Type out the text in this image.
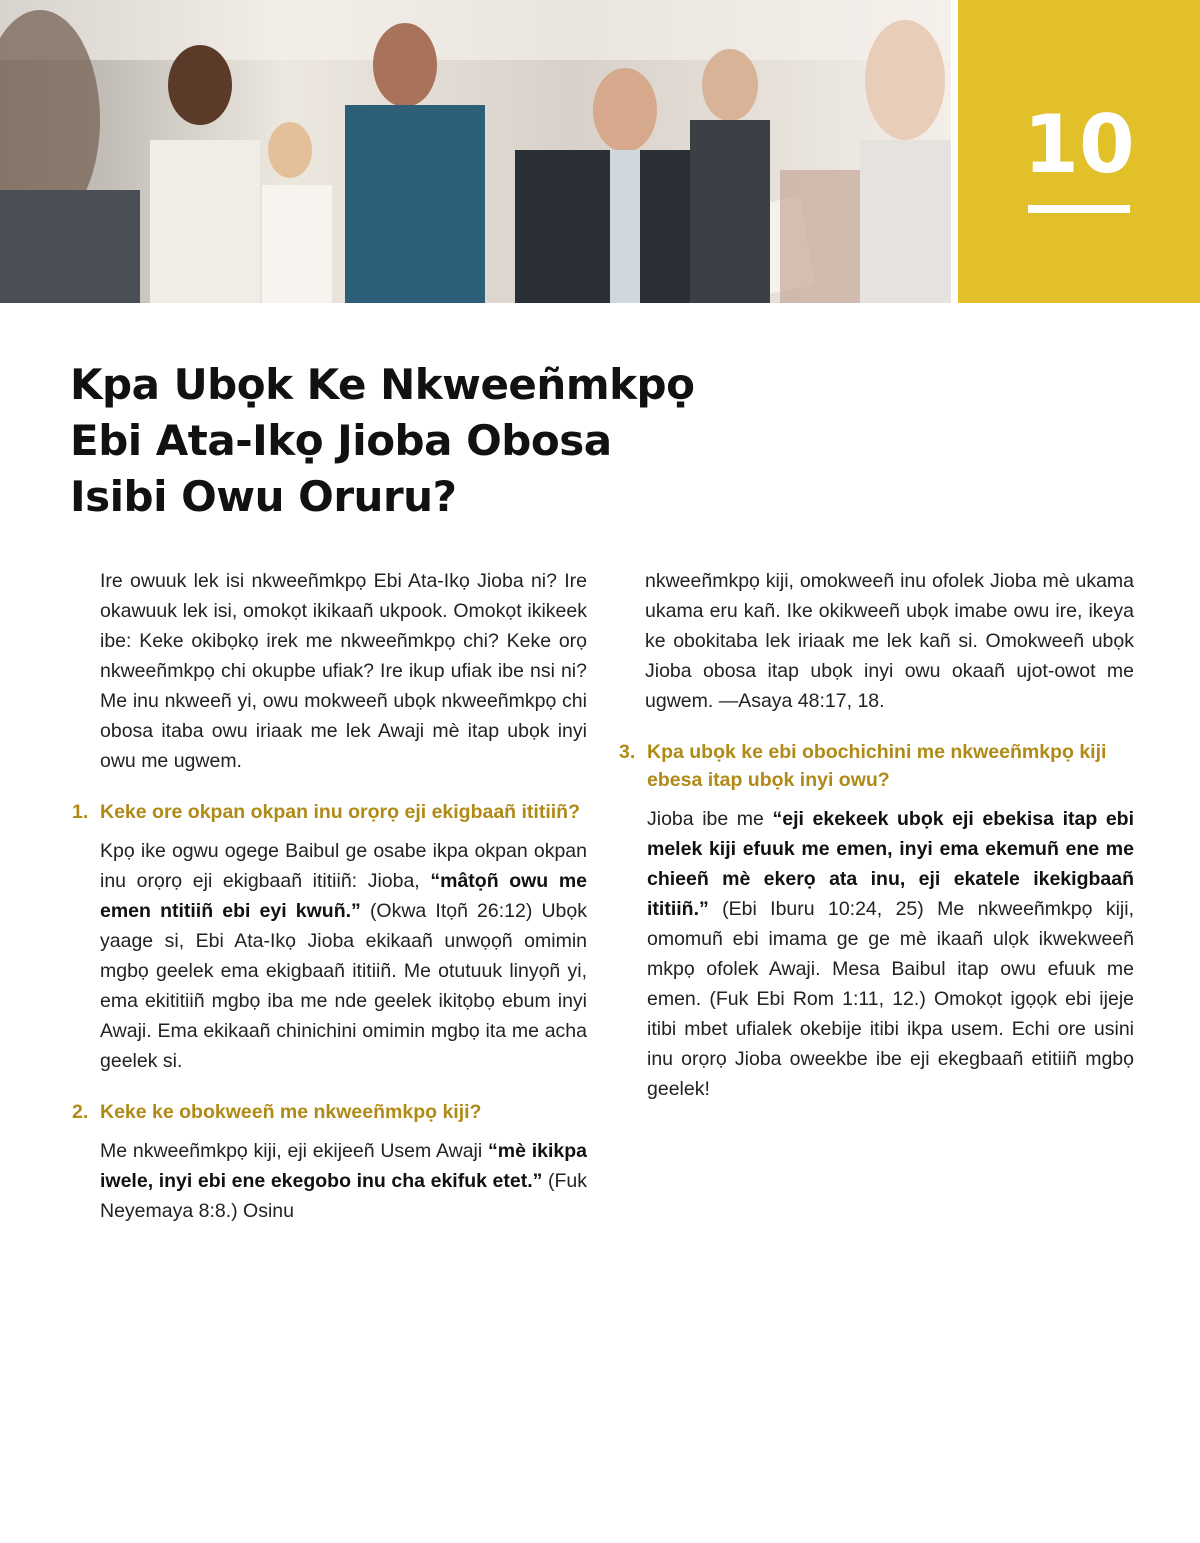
10
Kpa Ubọk Ke Nkweeñmkpọ
Ebi Ata-Ikọ Jioba Obosa
Isibi Owu Oruru?

Ire owuuk lek isi nkweeñmkpọ Ebi Ata-Ikọ Jioba ni? Ire okawuuk lek isi, omokọt ikikaañ ukpook. Omokọt ikikeek ibe: Keke okibọkọ irek me nkweeñmkpọ chi? Keke orọ nkweeñmkpọ chi okupbe ufiak? Ire ikup ufiak ibe nsi ni? Me inu nkweeñ yi, owu mokweeñ ubọk nkweeñmkpọ chi obosa itaba owu iriaak me lek Awaji mè itap ubọk inyi owu me ugwem.

1. Keke ore okpan okpan inu orọrọ eji ekigbaañ ititiiñ?

Kpọ ike ogwu ogege Baibul ge osabe ikpa okpan okpan inu orọrọ eji ekigbaañ ititiiñ: Jioba, “mâtọñ owu me emen ntitiiñ ebi eyi kwuñ.” (Okwa Itọñ 26:12) Ubọk yaage si, Ebi Ata-Ikọ Jioba ekikaañ unwọọñ omimin mgbọ geelek ema ekigbaañ ititiiñ. Me otutuuk linyọñ yi, ema ekititiiñ mgbọ iba me nde geelek ikitọbọ ebum inyi Awaji. Ema ekikaañ chinichini omimin mgbọ ita me acha geelek si.

2. Keke ke obokweeñ me nkweeñmkpọ kiji?

Me nkweeñmkpọ kiji, eji ekijeeñ Usem Awaji “mè ikikpa iwele, inyi ebi ene ekegobo inu cha ekifuk etet.” (Fuk Neyemaya 8:8.) Osinu

nkweeñmkpọ kiji, omokweeñ inu ofolek Jioba mè ukama ukama eru kañ. Ike okikweeñ ubọk imabe owu ire, ikeya ke obokitaba lek iriaak me lek kañ si. Omokweeñ ubọk Jioba obosa itap ubọk inyi owu okaañ ujot-owot me ugwem. —Asaya 48:17, 18.

3. Kpa ubọk ke ebi obochichini me nkweeñmkpọ kiji ebesa itap ubọk inyi owu?

Jioba ibe me “eji ekekeek ubọk eji ebekisa itap ebi melek kiji efuuk me emen, inyi ema ekemuñ ene me chieeñ mè ekerọ ata inu, eji ekatele ikekigbaañ ititiiñ.” (Ebi Iburu 10:24, 25) Me nkweeñmkpọ kiji, omomuñ ebi imama ge ge mè ikaañ ulọk ikwekweeñ mkpọ ofolek Awaji. Mesa Baibul itap owu efuuk me emen. (Fuk Ebi Rom 1:11, 12.) Omokọt igọọk ebi ijeje itibi mbet ufialek okebije itibi ikpa usem. Echi ore usini inu orọrọ Jioba oweekbe ibe eji ekegbaañ etitiiñ mgbọ geelek!
